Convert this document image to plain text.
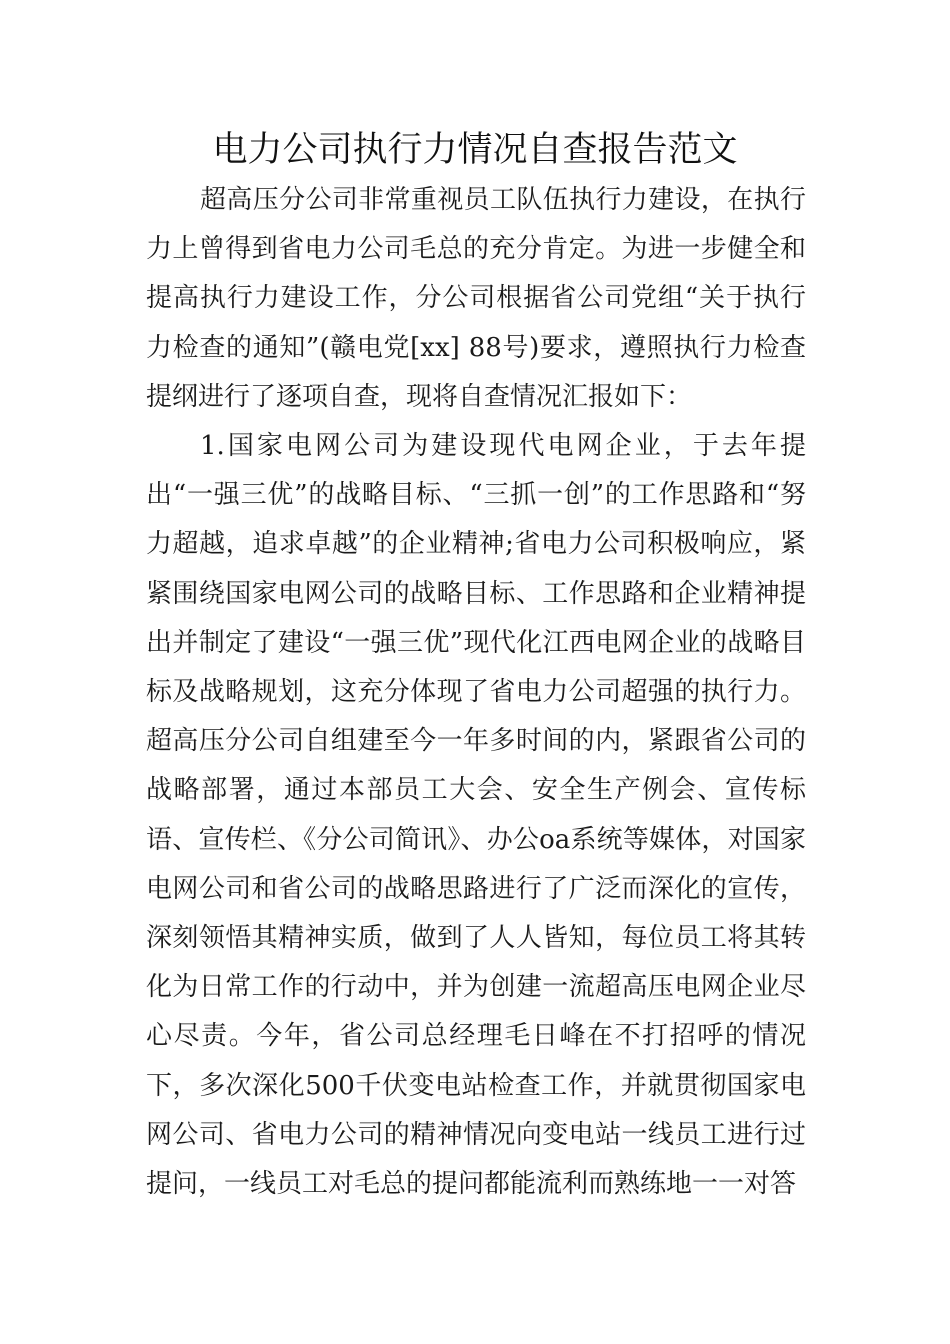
电力公司执行力情况自查报告范文

超高压分公司非常重视员工队伍执行力建设，在执行力上曾得到省电力公司毛总的充分肯定。为进一步健全和提高执行力建设工作，分公司根据省公司党组“关于执行力检查的通知”(赣电党[xx] 88号)要求，遵照执行力检查提纲进行了逐项自查，现将自查情况汇报如下：

1.国家电网公司为建设现代电网企业，于去年提出“一强三优”的战略目标、“三抓一创”的工作思路和“努力超越，追求卓越”的企业精神;省电力公司积极响应，紧紧围绕国家电网公司的战略目标、工作思路和企业精神提出并制定了建设“一强三优”现代化江西电网企业的战略目标及战略规划，这充分体现了省电力公司超强的执行力。超高压分公司自组建至今一年多时间的内，紧跟省公司的战略部署，通过本部员工大会、安全生产例会、宣传标语、宣传栏、《分公司简讯》、办公oa系统等媒体，对国家电网公司和省公司的战略思路进行了广泛而深化的宣传，深刻领悟其精神实质，做到了人人皆知，每位员工将其转化为日常工作的行动中，并为创建一流超高压电网企业尽心尽责。今年，省公司总经理毛日峰在不打招呼的情况下，多次深化500千伏变电站检查工作，并就贯彻国家电网公司、省电力公司的精神情况向变电站一线员工进行过提问，一线员工对毛总的提问都能流利而熟练地一一对答
